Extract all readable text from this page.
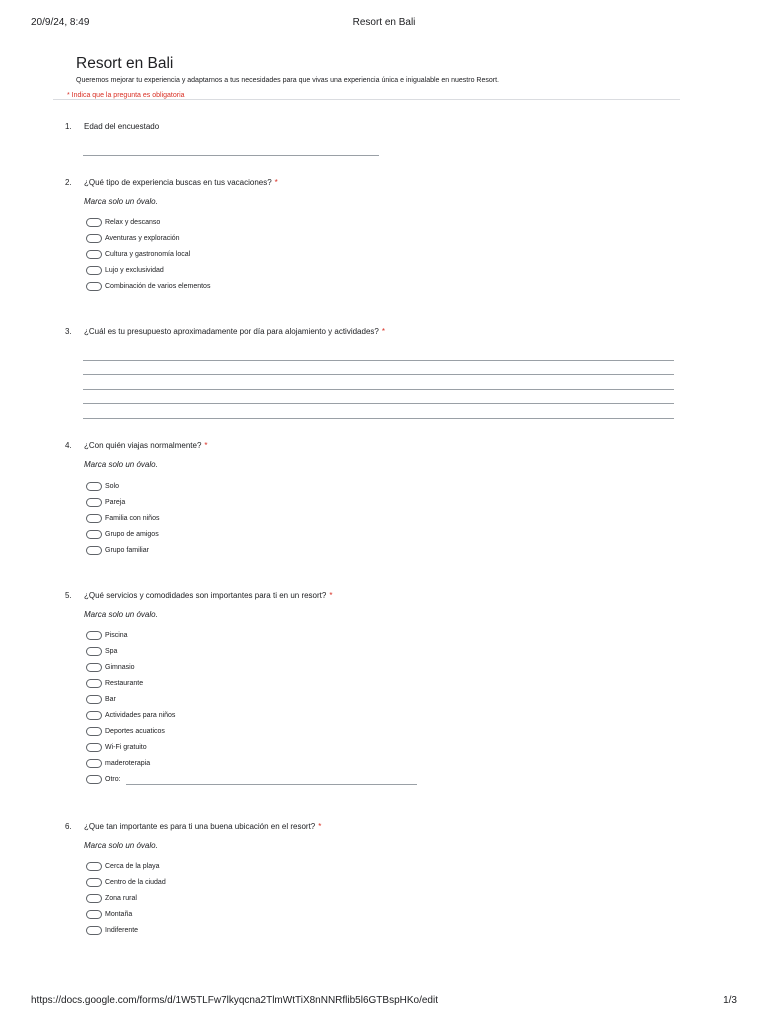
20/9/24, 8:49	Resort en Bali
Resort en Bali
Queremos mejorar tu experiencia y adaptarnos a tus necesidades para que vivas una experiencia única e inigualable en nuestro Resort.
* Indica que la pregunta es obligatoria
1. Edad del encuestado
2. ¿Qué tipo de experiencia buscas en tus vacaciones? *
Marca solo un óvalo.
Relax y descanso
Aventuras y exploración
Cultura y gastronomía local
Lujo y exclusividad
Combinación de varios elementos
3. ¿Cuál es tu presupuesto aproximadamente por día para alojamiento y actividades? *
4. ¿Con quién viajas normalmente? *
Marca solo un óvalo.
Solo
Pareja
Familia con niños
Grupo de amigos
Grupo familiar
5. ¿Qué servicios y comodidades son importantes para ti en un resort? *
Marca solo un óvalo.
Piscina
Spa
Gimnasio
Restaurante
Bar
Actividades para niños
Deportes acuaticos
Wi-Fi gratuito
maderoterapia
Otro:
6. ¿Que tan importante es para ti una buena ubicación en el resort? *
Marca solo un óvalo.
Cerca de la playa
Centro de la ciudad
Zona rural
Montaña
Indiferente
https://docs.google.com/forms/d/1W5TLFw7lkyqcna2TlmWtTiX8nNNRflib5l6GTBspHKo/edit	1/3
